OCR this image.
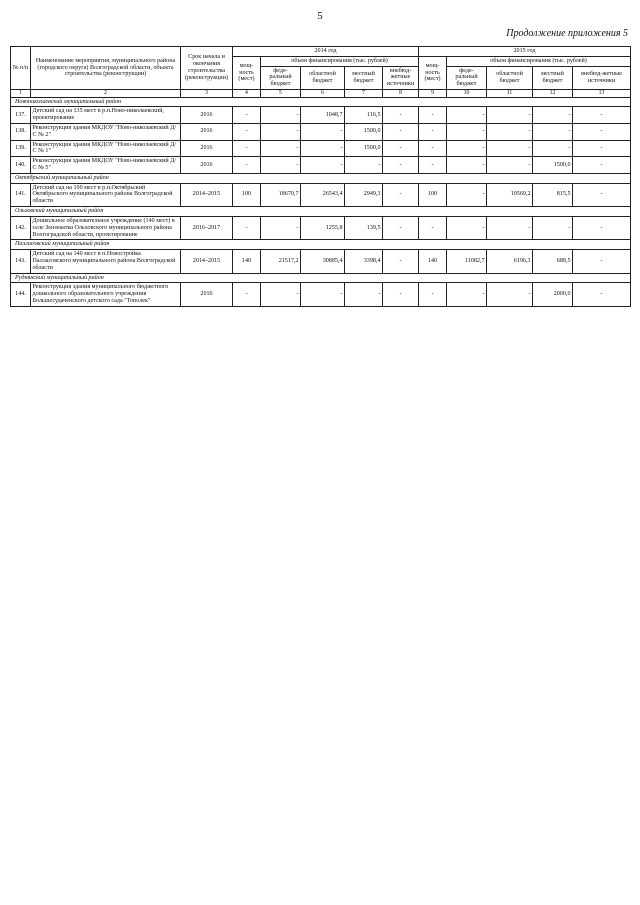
5
Продолжение приложения 5
№ п/п	Наименование мероприятия, муниципального района (городского округа) Волгоградской области, объекта строительства (реконструкции)	Срок начала и окончания строительства (реконструкции)	2014 год					2015 год				
			мощ-ность (мест)	объем финансирования (тыс. рублей)				мощ-ность (мест)	объем финансирования (тыс. рублей)			
				феде-ральный бюджет	областной бюджет	местный бюджет	внебюд-жетные источники		феде-ральный бюджет	областной бюджет	местный бюджет	внебюд-жетные источники
1	2	3	4	5	6	7	8	9	10	11	12	13
Новониколаевский муниципальный район												
137.	Детский сад на 135 мест в р.п.Ново-николаевский, проектирование	2016	-	-	1048,7	116,5	-	-	-	-	-	-
138.	Реконструкция здания МКДОУ "Ново-николаевский Д/С № 2"	2016	-	-	-	1500,0	-	-	-	-	-	-
139.	Реконструкция здания МКДОУ "Ново-николаевский Д/С № 1"	2016	-	-	-	1500,0	-	-	-	-	-	-
140.	Реконструкция здания МКДОУ "Ново-николаевский Д/С № 5"	2016	-	-	-	-	-	-	-	-	1500,0	-
Октябрьский муниципальный район												
141.	Детский сад на 100 мест в р.п.Октябрьский Октябрьского муниципального района Волгоградской области	2014–2015	100	18670,7	26543,4	2949,3	-	100	-	10569,2	815,5	-
Ольховский муниципальный район												
142.	Дошкольное образовательное учреждение (140 мест) в селе Зензеватка Ольховского муниципального района Волгоградской области, проектирование	2016–2017	-	-	1255,8	139,5	-	-	-	-	-	-
Палласовский муниципальный район												
143.	Детский сад на 140 мест в п.Новостройка Палласовского муниципального района Волгоградской области	2014–2015	140	21517,2	30885,4	3398,4	-	140	11082,7	6196,3	688,5	-
Руднянский муниципальный район												
144.	Реконструкция здания муниципального бюджетного дошкольного образовательного учреждения Большесудаченского детского сада "Тополек"	2016	-	-	-	-	-	-	-	-	2000,0	-
